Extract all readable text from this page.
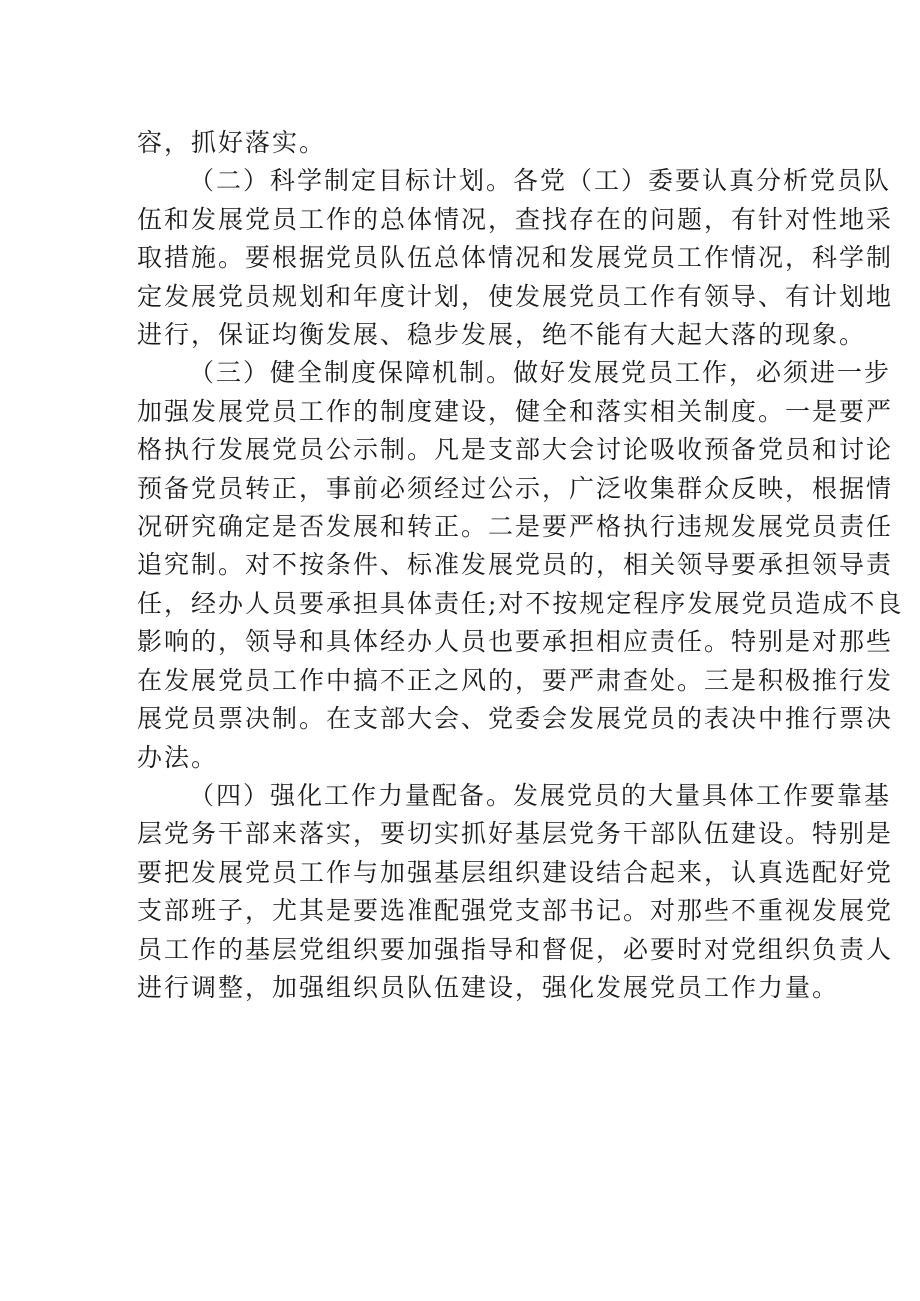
容，抓好落实。
（二）科学制定目标计划。各党（工）委要认真分析党员队
伍和发展党员工作的总体情况，查找存在的问题，有针对性地采
取措施。要根据党员队伍总体情况和发展党员工作情况，科学制
定发展党员规划和年度计划，使发展党员工作有领导、有计划地
进行，保证均衡发展、稳步发展，绝不能有大起大落的现象。
（三）健全制度保障机制。做好发展党员工作，必须进一步
加强发展党员工作的制度建设，健全和落实相关制度。一是要严
格执行发展党员公示制。凡是支部大会讨论吸收预备党员和讨论
预备党员转正，事前必须经过公示，广泛收集群众反映，根据情
况研究确定是否发展和转正。二是要严格执行违规发展党员责任
追究制。对不按条件、标准发展党员的，相关领导要承担领导责
任，经办人员要承担具体责任;对不按规定程序发展党员造成不良
影响的，领导和具体经办人员也要承担相应责任。特别是对那些
在发展党员工作中搞不正之风的，要严肃查处。三是积极推行发
展党员票决制。在支部大会、党委会发展党员的表决中推行票决
办法。
（四）强化工作力量配备。发展党员的大量具体工作要靠基
层党务干部来落实，要切实抓好基层党务干部队伍建设。特别是
要把发展党员工作与加强基层组织建设结合起来，认真选配好党
支部班子，尤其是要选准配强党支部书记。对那些不重视发展党
员工作的基层党组织要加强指导和督促，必要时对党组织负责人
进行调整，加强组织员队伍建设，强化发展党员工作力量。
